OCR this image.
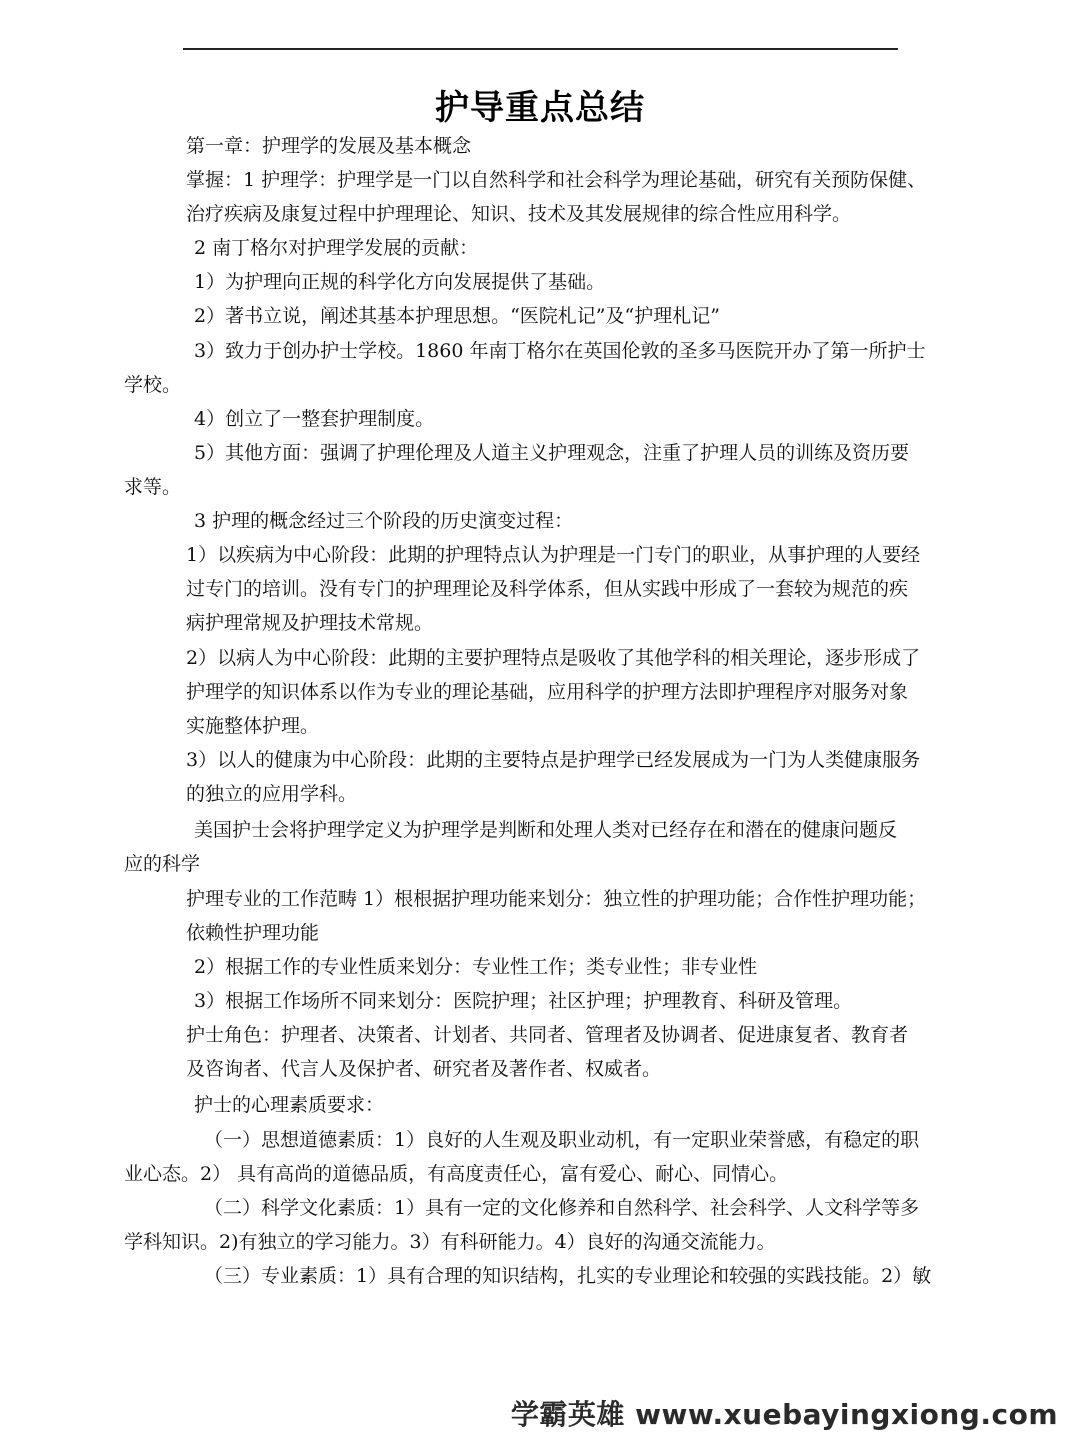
护导重点总结
第一章：护理学的发展及基本概念
掌握：1 护理学：护理学是一门以自然科学和社会科学为理论基础，研究有关预防保健、
治疗疾病及康复过程中护理理论、知识、技术及其发展规律的综合性应用科学。
2 南丁格尔对护理学发展的贡献：
1）为护理向正规的科学化方向发展提供了基础。
2）著书立说，阐述其基本护理思想。“医院札记”及“护理札记”
3）致力于创办护士学校。1860 年南丁格尔在英国伦敦的圣多马医院开办了第一所护士
学校。
4）创立了一整套护理制度。
5）其他方面：强调了护理伦理及人道主义护理观念，注重了护理人员的训练及资历要
求等。
3 护理的概念经过三个阶段的历史演变过程：
1）以疾病为中心阶段：此期的护理特点认为护理是一门专门的职业，从事护理的人要经
过专门的培训。没有专门的护理理论及科学体系，但从实践中形成了一套较为规范的疾
病护理常规及护理技术常规。
2）以病人为中心阶段：此期的主要护理特点是吸收了其他学科的相关理论，逐步形成了
护理学的知识体系以作为专业的理论基础，应用科学的护理方法即护理程序对服务对象
实施整体护理。
3）以人的健康为中心阶段：此期的主要特点是护理学已经发展成为一门为人类健康服务
的独立的应用学科。
美国护士会将护理学定义为护理学是判断和处理人类对已经存在和潜在的健康问题反
应的科学
护理专业的工作范畴 1）根根据护理功能来划分：独立性的护理功能；合作性护理功能；
依赖性护理功能
2）根据工作的专业性质来划分：专业性工作；类专业性；非专业性
3）根据工作场所不同来划分：医院护理；社区护理；护理教育、科研及管理。
护士角色：护理者、决策者、计划者、共同者、管理者及协调者、促进康复者、教育者
及咨询者、代言人及保护者、研究者及著作者、权威者。
护士的心理素质要求：
（一）思想道德素质：1）良好的人生观及职业动机，有一定职业荣誉感，有稳定的职
业心态。2） 具有高尚的道德品质，有高度责任心，富有爱心、耐心、同情心。
（二）科学文化素质：1）具有一定的文化修养和自然科学、社会科学、人文科学等多
学科知识。2)有独立的学习能力。3）有科研能力。4）良好的沟通交流能力。
（三）专业素质：1）具有合理的知识结构，扎实的专业理论和较强的实践技能。2）敏
学霸英雄 www.xuebayingxiong.com
